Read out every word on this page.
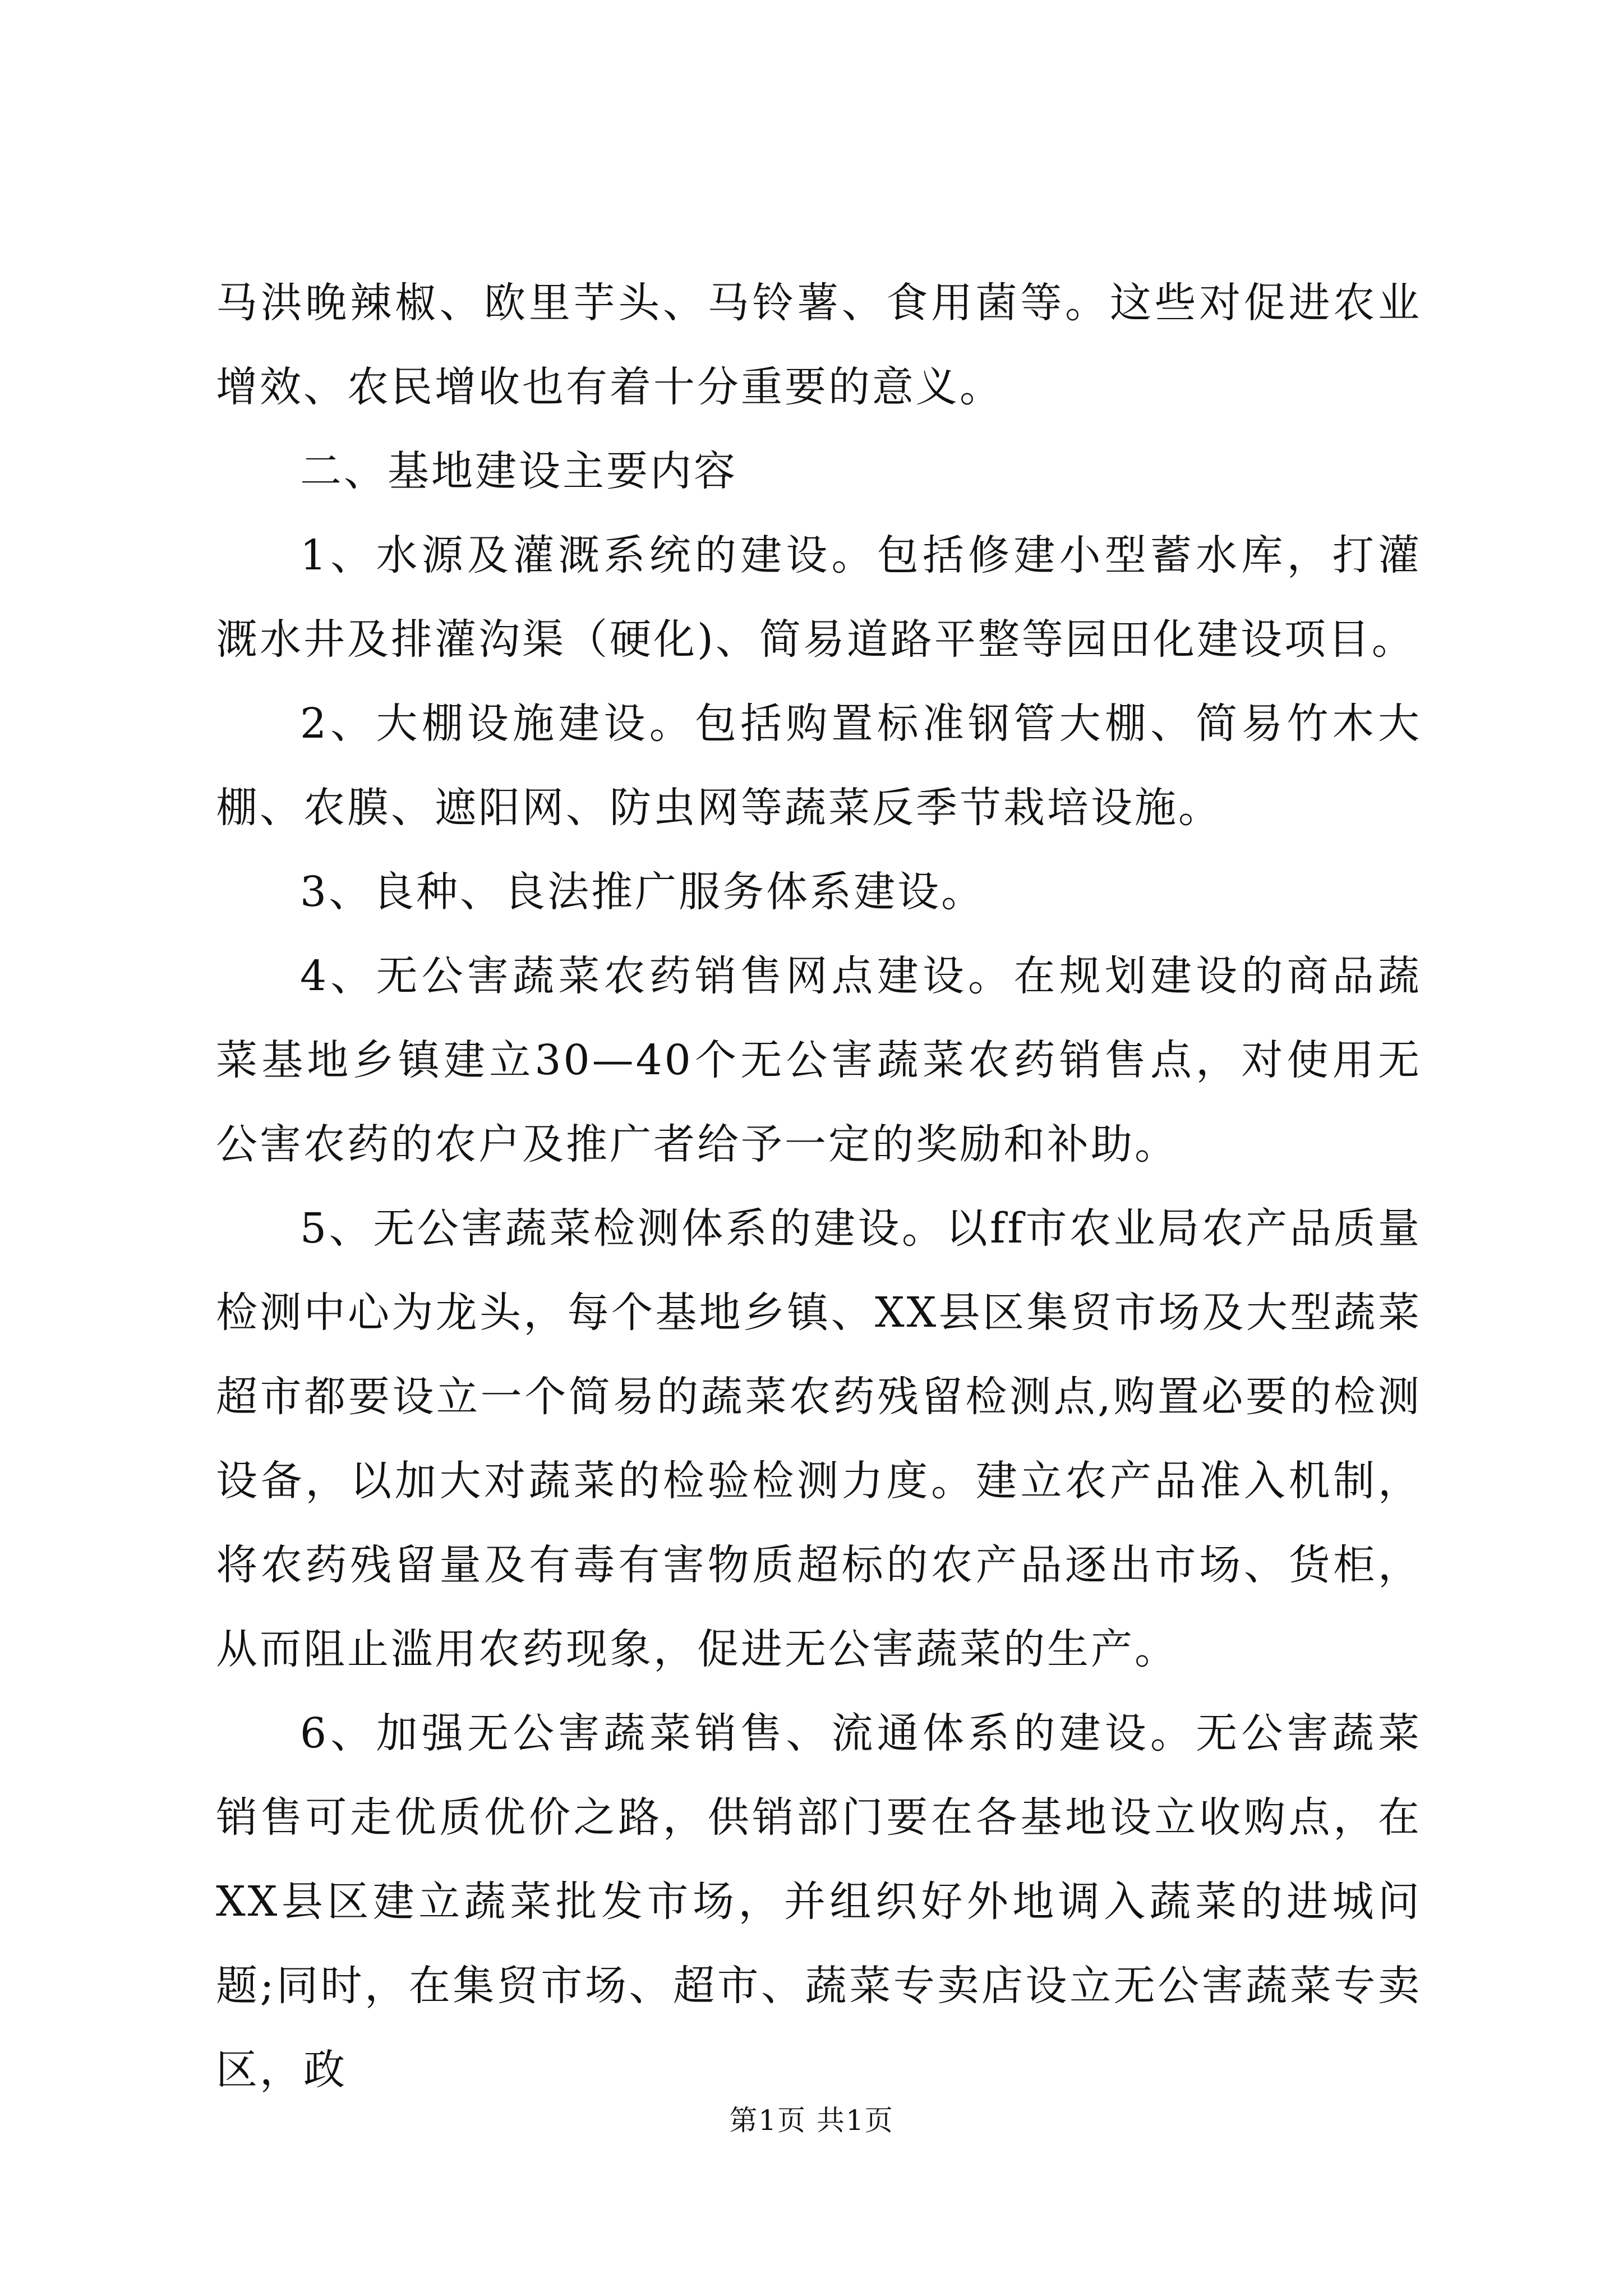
马洪晚辣椒、欧里芋头、马铃薯、食用菌等。这些对促进农业增效、农民增收也有着十分重要的意义。

二、基地建设主要内容

1、水源及灌溉系统的建设。包括修建小型蓄水库，打灌溉水井及排灌沟渠（硬化)、简易道路平整等园田化建设项目。

2、大棚设施建设。包括购置标准钢管大棚、简易竹木大棚、农膜、遮阳网、防虫网等蔬菜反季节栽培设施。

3、良种、良法推广服务体系建设。

4、无公害蔬菜农药销售网点建设。在规划建设的商品蔬菜基地乡镇建立30—40个无公害蔬菜农药销售点，对使用无公害农药的农户及推广者给予一定的奖励和补助。

5、无公害蔬菜检测体系的建设。以ff市农业局农产品质量检测中心为龙头，每个基地乡镇、XX县区集贸市场及大型蔬菜超市都要设立一个简易的蔬菜农药残留检测点,购置必要的检测设备，以加大对蔬菜的检验检测力度。建立农产品准入机制，将农药残留量及有毒有害物质超标的农产品逐出市场、货柜，从而阻止滥用农药现象，促进无公害蔬菜的生产。

6、加强无公害蔬菜销售、流通体系的建设。无公害蔬菜销售可走优质优价之路，供销部门要在各基地设立收购点，在XX县区建立蔬菜批发市场，并组织好外地调入蔬菜的进城问题;同时，在集贸市场、超市、蔬菜专卖店设立无公害蔬菜专卖区，政

第1页 共1页
